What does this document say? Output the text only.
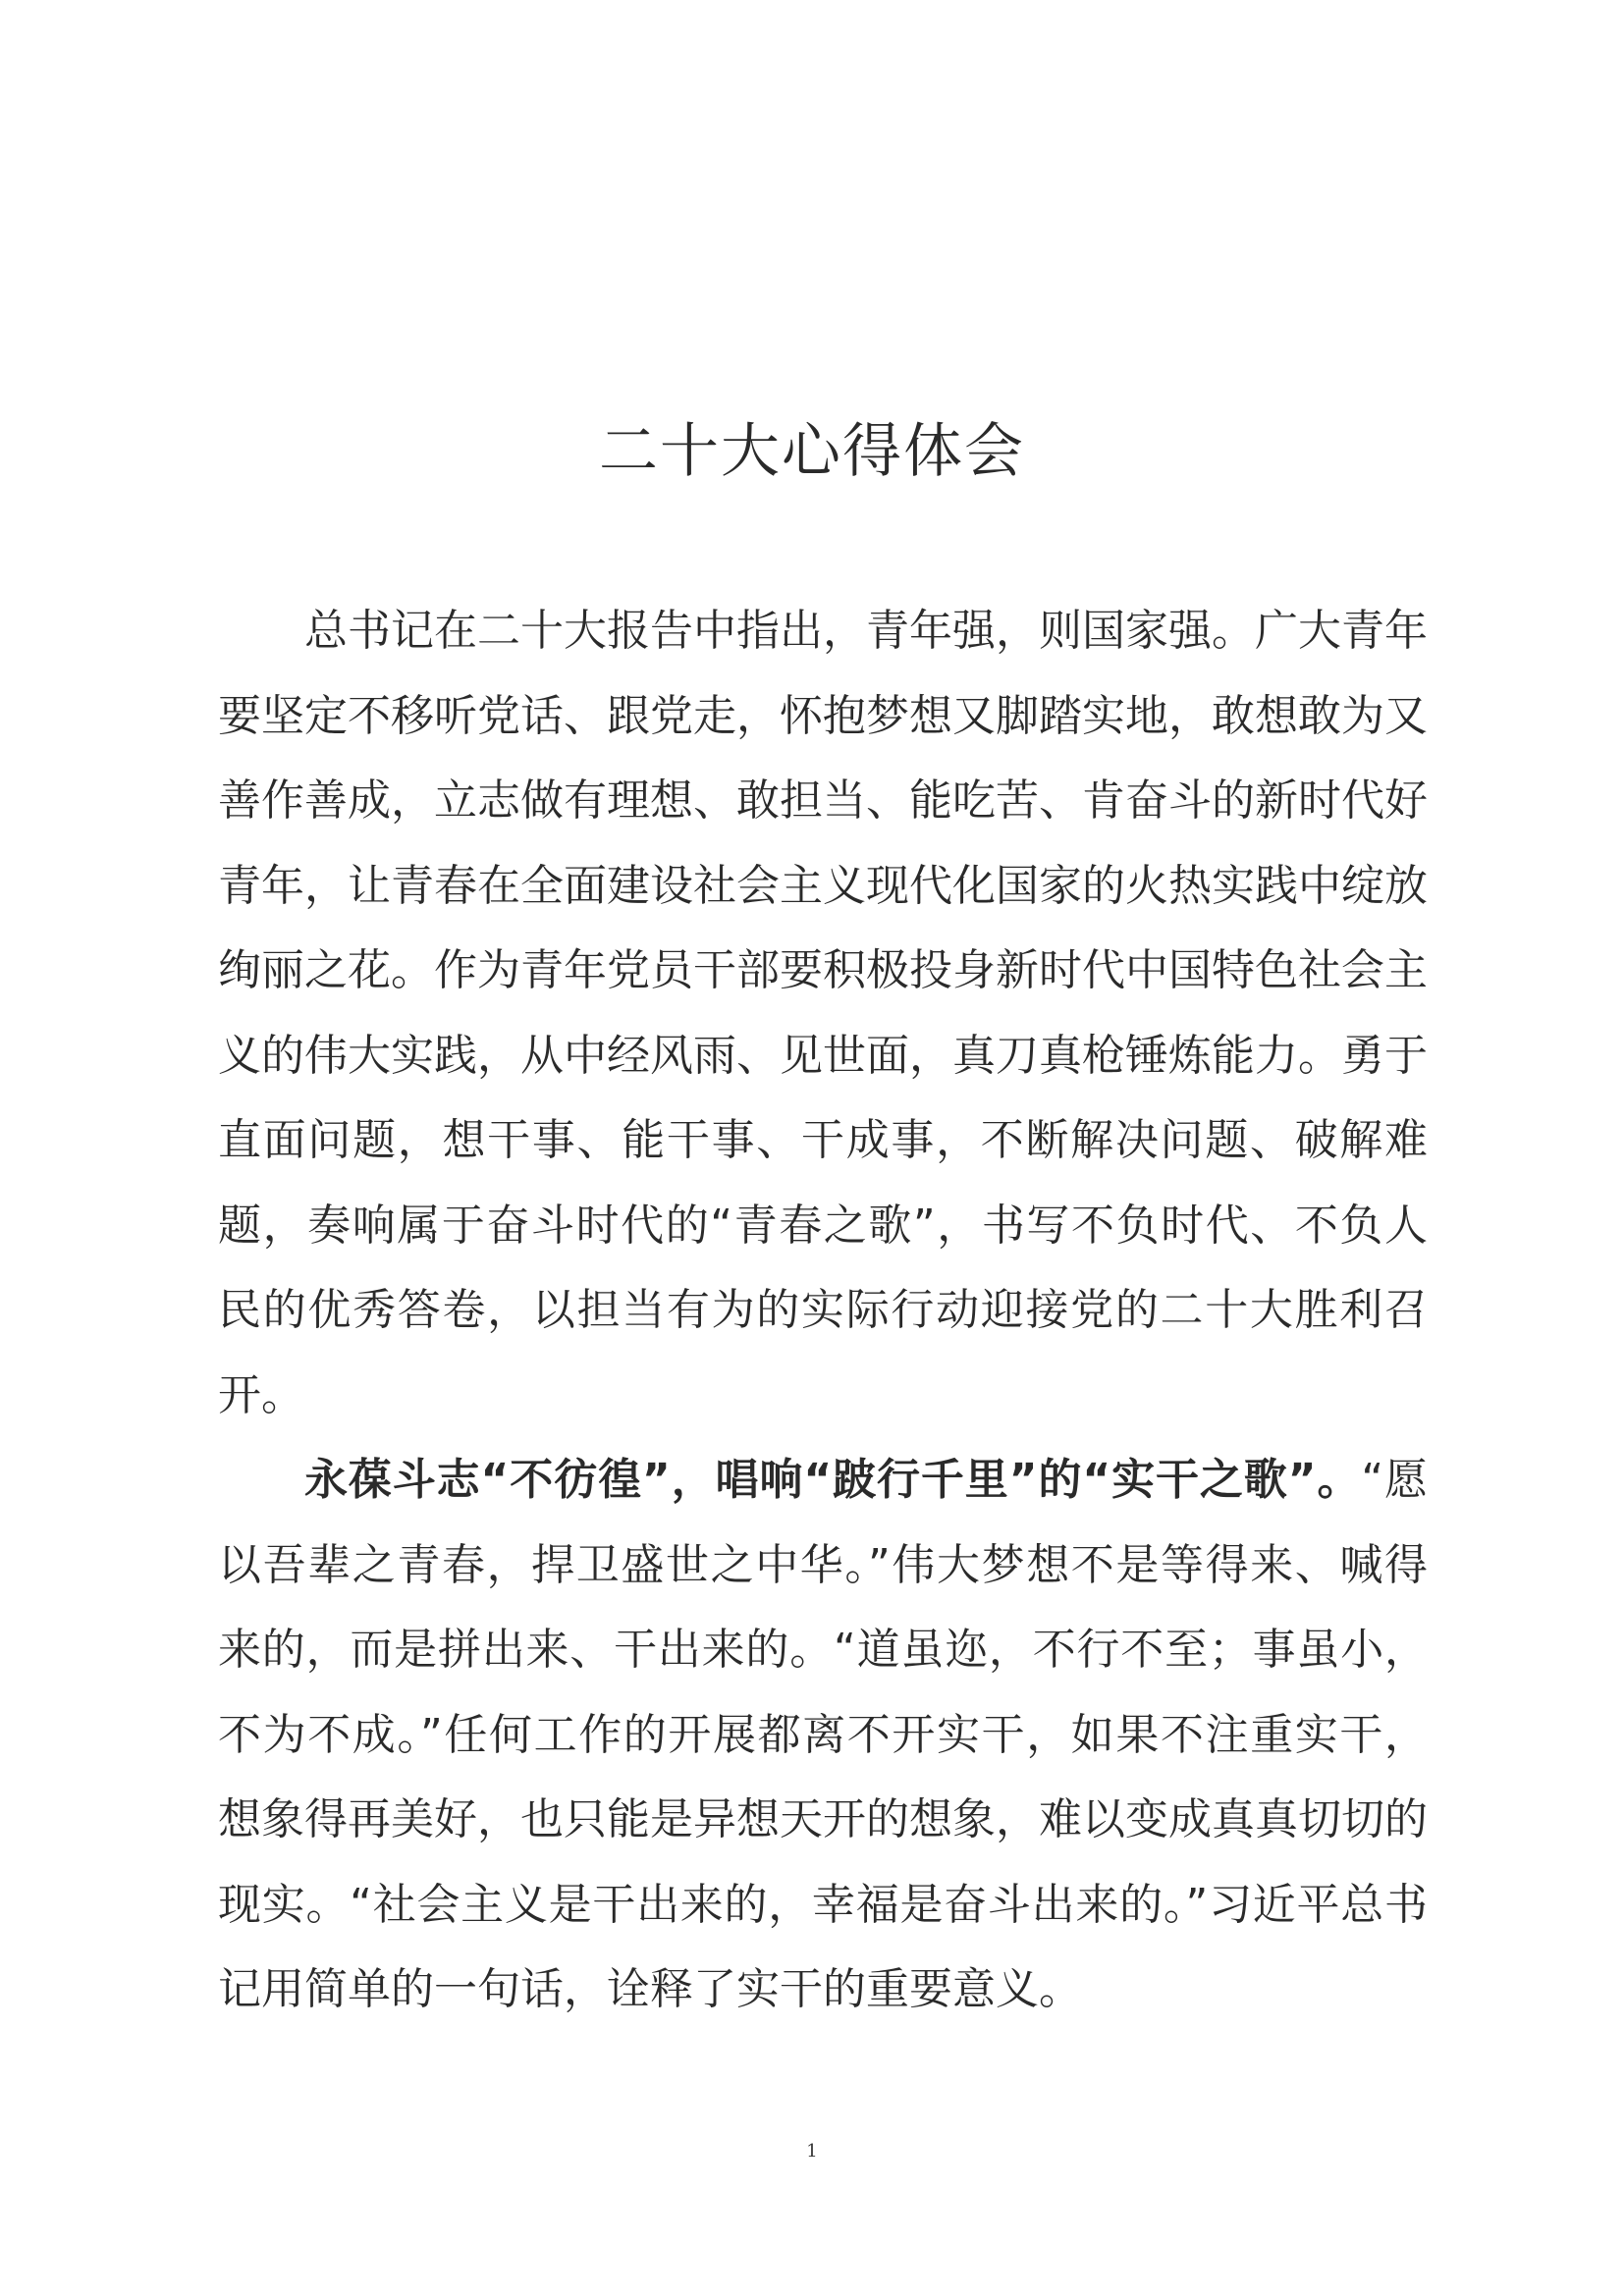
二十大心得体会

总书记在二十大报告中指出，青年强，则国家强。广大青年要坚定不移听党话、跟党走，怀抱梦想又脚踏实地，敢想敢为又善作善成，立志做有理想、敢担当、能吃苦、肯奋斗的新时代好青年，让青春在全面建设社会主义现代化国家的火热实践中绽放绚丽之花。作为青年党员干部要积极投身新时代中国特色社会主义的伟大实践，从中经风雨、见世面，真刀真枪锤炼能力。勇于直面问题，想干事、能干事、干成事，不断解决问题、破解难题，奏响属于奋斗时代的“青春之歌”，书写不负时代、不负人民的优秀答卷，以担当有为的实际行动迎接党的二十大胜利召开。

永葆斗志“不彷徨”，唱响“跛行千里”的“实干之歌”。“愿以吾辈之青春，捍卫盛世之中华。”伟大梦想不是等得来、喊得来的，而是拼出来、干出来的。“道虽迩，不行不至；事虽小，不为不成。”任何工作的开展都离不开实干，如果不注重实干，想象得再美好，也只能是异想天开的想象，难以变成真真切切的现实。“社会主义是干出来的，幸福是奋斗出来的。”习近平总书记用简单的一句话，诠释了实干的重要意义。

1
